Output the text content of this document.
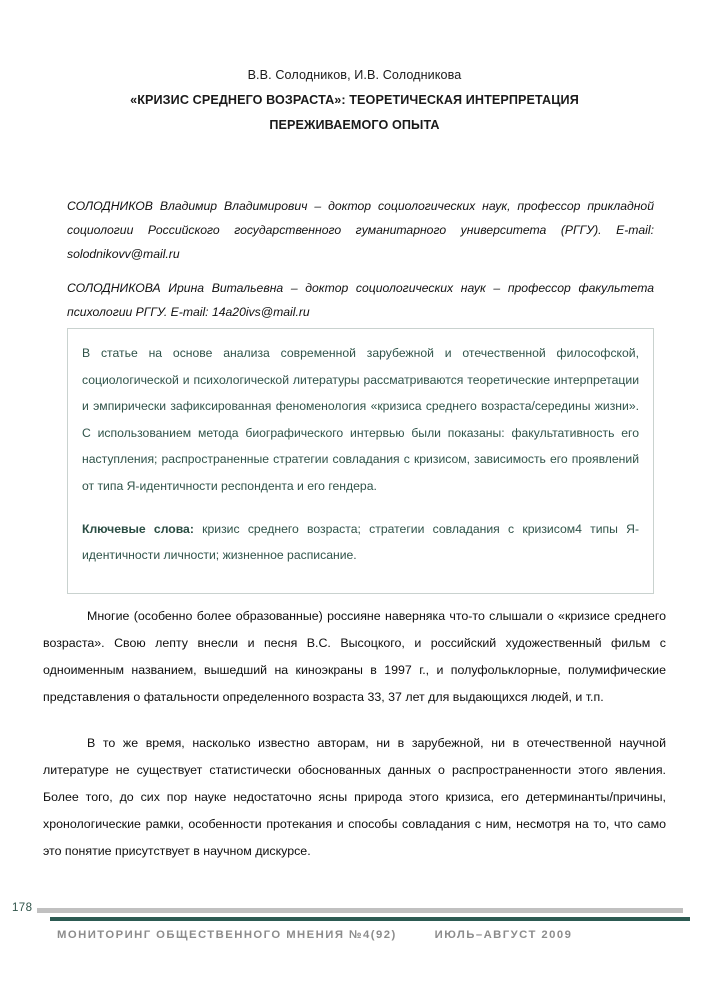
В.В. Солодников, И.В. Солодникова
«КРИЗИС СРЕДНЕГО ВОЗРАСТА»: ТЕОРЕТИЧЕСКАЯ ИНТЕРПРЕТАЦИЯ
ПЕРЕЖИВАЕМОГО ОПЫТА

СОЛОДНИКОВ Владимир Владимирович – доктор социологических наук, профессор прикладной социологии Российского государственного гуманитарного университета (РГГУ). E-mail: solodnikovv@mail.ru

СОЛОДНИКОВА Ирина Витальевна – доктор социологических наук – профессор факультета психологии РГГУ. E-mail: 14a20ivs@mail.ru

В статье на основе анализа современной зарубежной и отечественной философской, социологической и психологической литературы рассматриваются теоретические интерпретации и эмпирически зафиксированная феноменология «кризиса среднего возраста/середины жизни». С использованием метода биографического интервью были показаны: факультативность его наступления; распространенные стратегии совладания с кризисом, зависимость его проявлений от типа Я-идентичности респондента и его гендера.

Ключевые слова: кризис среднего возраста; стратегии совладания с кризисом4 типы Я-идентичности личности; жизненное расписание.

Многие (особенно более образованные) россияне наверняка что-то слышали о «кризисе среднего возраста». Свою лепту внесли и песня В.С. Высоцкого, и российский художественный фильм с одноименным названием, вышедший на киноэкраны в 1997 г., и полуфольклорные, полумифические представления о фатальности определенного возраста 33, 37 лет для выдающихся людей, и т.п.

В то же время, насколько известно авторам, ни в зарубежной, ни в отечественной научной литературе не существует статистически обоснованных данных о распространенности этого явления. Более того, до сих пор науке недостаточно ясны природа этого кризиса, его детерминанты/причины, хронологические рамки, особенности протекания и способы совладания с ним, несмотря на то, что само это понятие присутствует в научном дискурсе.

178
МОНИТОРИНГ ОБЩЕСТВЕННОГО МНЕНИЯ №4(92)	ИЮЛЬ–АВГУСТ 2009
